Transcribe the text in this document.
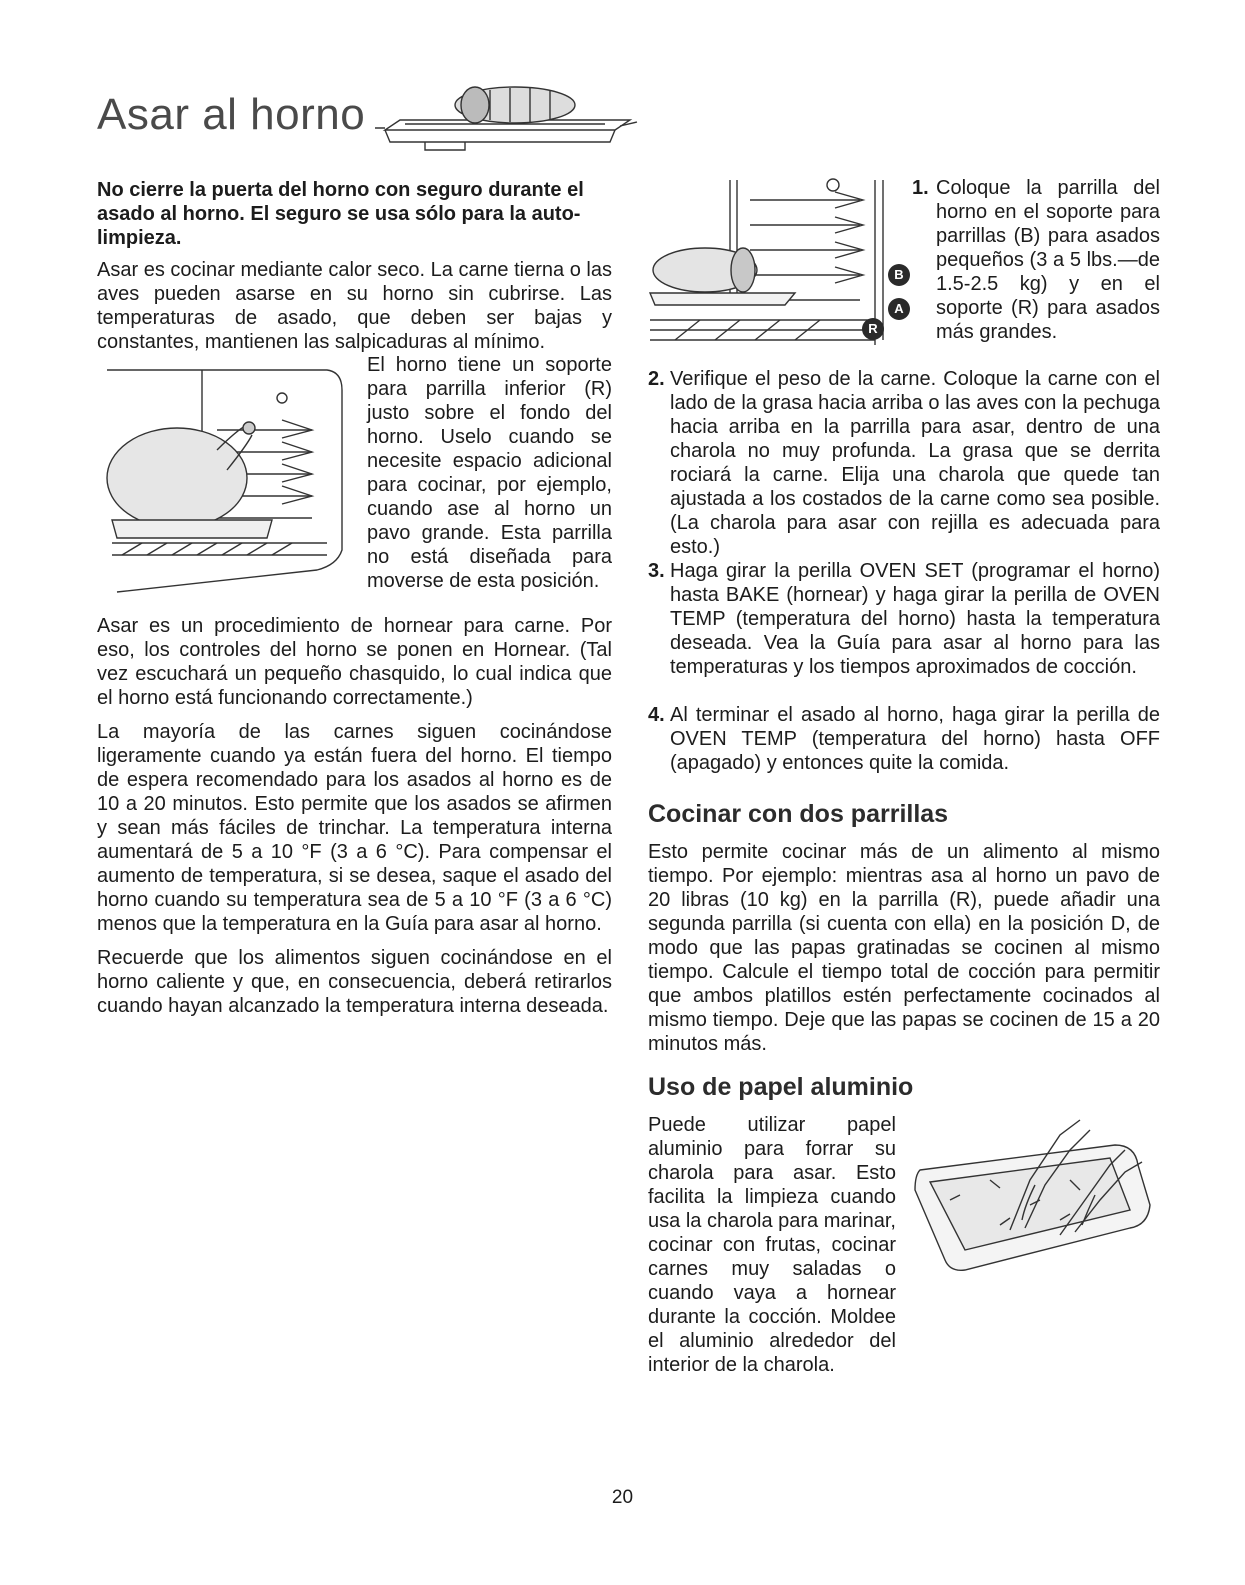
Asar al horno
No cierre la puerta del horno con seguro durante el asado al horno. El seguro se usa sólo para la auto-limpieza.

Asar es cocinar mediante calor seco. La carne tierna o las aves pueden asarse en su horno sin cubrirse. Las temperaturas de asado, que deben ser bajas y constantes, mantienen las salpicaduras al mínimo.

El horno tiene un soporte para parrilla inferior (R) justo sobre el fondo del horno. Uselo cuando se necesite espacio adicional para cocinar, por ejemplo, cuando ase al horno un pavo grande. Esta parrilla no está diseñada para moverse de esta posición.

Asar es un procedimiento de hornear para carne. Por eso, los controles del horno se ponen en Hornear. (Tal vez escuchará un pequeño chasquido, lo cual indica que el horno está funcionando correctamente.)

La mayoría de las carnes siguen cocinándose ligeramente cuando ya están fuera del horno. El tiempo de espera recomendado para los asados al horno es de 10 a 20 minutos. Esto permite que los asados se afirmen y sean más fáciles de trinchar. La temperatura interna aumentará de 5 a 10 °F (3 a 6 °C). Para compensar el aumento de temperatura, si se desea, saque el asado del horno cuando su temperatura sea de 5 a 10 °F (3 a 6 °C) menos que la temperatura en la Guía para asar al horno.

Recuerde que los alimentos siguen cocinándose en el horno caliente y que, en consecuencia, deberá retirarlos cuando hayan alcanzado la temperatura interna deseada.

B
A
R
1. Coloque la parrilla del horno en el soporte para parrillas (B) para asados pequeños (3 a 5 lbs.—de 1.5-2.5 kg) y en el soporte (R) para asados más grandes.
2. Verifique el peso de la carne. Coloque la carne con el lado de la grasa hacia arriba o las aves con la pechuga hacia arriba en la parrilla para asar, dentro de una charola no muy profunda. La grasa que se derrita rociará la carne. Elija una charola que quede tan ajustada a los costados de la carne como sea posible. (La charola para asar con rejilla es adecuada para esto.)
3. Haga girar la perilla OVEN SET (programar el horno) hasta BAKE (hornear) y haga girar la perilla de OVEN TEMP (temperatura del horno) hasta la temperatura deseada. Vea la Guía para asar al horno para las temperaturas y los tiempos aproximados de cocción.
4. Al terminar el asado al horno, haga girar la perilla de OVEN TEMP (temperatura del horno) hasta OFF (apagado) y entonces quite la comida.
Cocinar con dos parrillas

Esto permite cocinar más de un alimento al mismo tiempo. Por ejemplo: mientras asa al horno un pavo de 20 libras (10 kg) en la parrilla (R), puede añadir una segunda parrilla (si cuenta con ella) en la posición D, de modo que las papas gratinadas se cocinen al mismo tiempo. Calcule el tiempo total de cocción para permitir que ambos platillos estén perfectamente cocinados al mismo tiempo. Deje que las papas se cocinen de 15 a 20 minutos más.

Uso de papel aluminio

Puede utilizar papel aluminio para forrar su charola para asar. Esto facilita la limpieza cuando usa la charola para marinar, cocinar con frutas, cocinar carnes muy saladas o cuando vaya a hornear durante la cocción. Moldee el aluminio alrededor del interior de la charola.

20
